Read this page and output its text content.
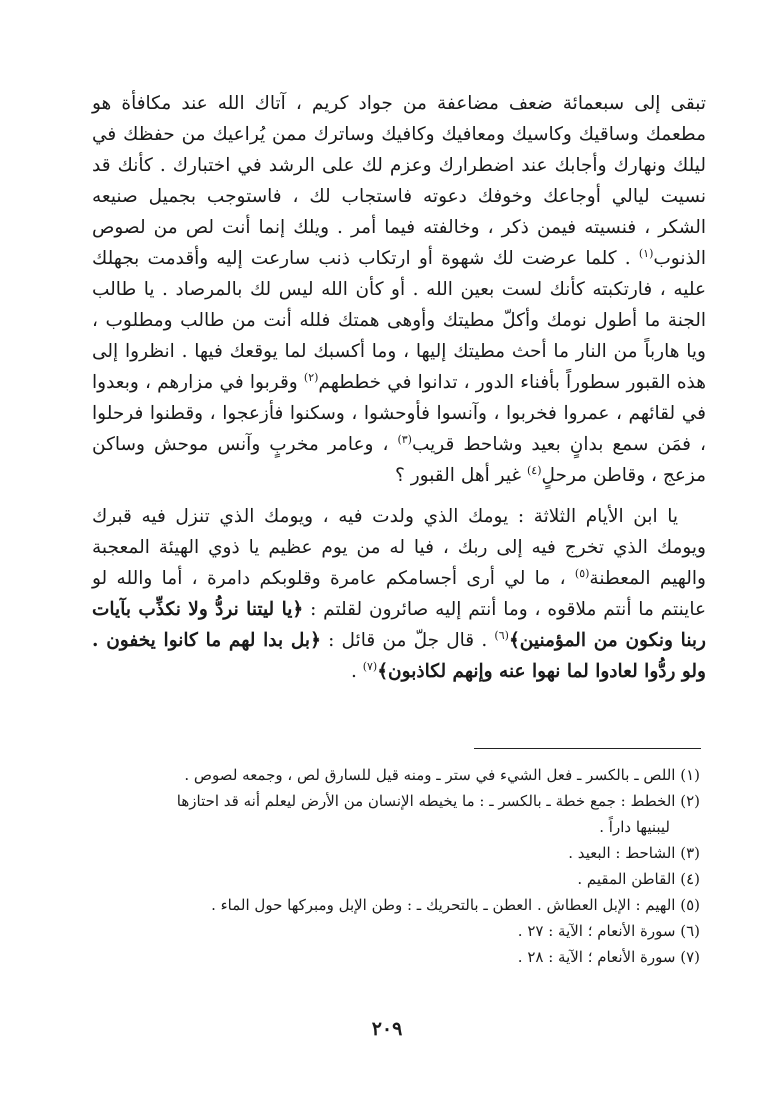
تبقى إلى سبعمائة ضعف مضاعفة من جواد كريم ، آتاك الله عند مكافأة هو مطعمك وساقيك وكاسيك ومعافيك وكافيك وساترك ممن يُراعيك من حفظك في ليلك ونهارك وأجابك عند اضطرارك وعزم لك على الرشد في اختبارك . كأنك قد نسيت ليالي أوجاعك وخوفك دعوته فاستجاب لك ، فاستوجب بجميل صنيعه الشكر ، فنسيته فيمن ذكر ، وخالفته فيما أمر . ويلك إنما أنت لص من لصوص الذنوب$^{(١)}$ . كلما عرضت لك شهوة أو ارتكاب ذنب سارعت إليه وأقدمت بجهلك عليه ، فارتكبته كأنك لست بعين الله . أو كأن الله ليس لك بالمرصاد . يا طالب الجنة ما أطول نومك وأكلّ مطيتك وأوهى همتك فلله أنت من طالب ومطلوب ، ويا هارباً من النار ما أحث مطيتك إليها ، وما أكسبك لما يوقعك فيها . انظروا إلى هذه القبور سطوراً بأفناء الدور ، تدانوا في خططهم$^{(٢)}$ وقربوا في مزارهم ، وبعدوا في لقائهم ، عمروا فخربوا ، وآنسوا فأوحشوا ، وسكنوا فأزعجوا ، وقطنوا فرحلوا ، فمَن سمع بدانٍ بعيد وشاحط قريب$^{(٣)}$ ، وعامر مخربٍ وآنس موحش وساكن مزعج ، وقاطن مرحلٍ$^{(٤)}$ غير أهل القبور ؟

يا ابن الأيام الثلاثة : يومك الذي ولدت فيه ، ويومك الذي تنزل فيه قبرك ويومك الذي تخرج فيه إلى ربك ، فيا له من يوم عظيم يا ذوي الهيئة المعجبة والهيم المعطنة$^{(٥)}$ ، ما لي أرى أجسامكم عامرة وقلوبكم دامرة ، أما والله لو عاينتم ما أنتم ملاقوه ، وما أنتم إليه صائرون لقلتم : ﴿يا ليتنا نردُّ ولا نكذِّب بآيات ربنا ونكون من المؤمنين﴾$^{(٦)}$ . قال جلّ من قائل : ﴿بل بدا لهم ما كانوا يخفون . ولو ردُّوا لعادوا لما نهوا عنه وإنهم لكاذبون﴾$^{(٧)}$ .

(١) اللص ـ بالكسر ـ فعل الشيء في ستر ـ ومنه قيل للسارق لص ، وجمعه لصوص .
(٢) الخطط : جمع خطة ـ بالكسر ـ : ما يخيطه الإنسان من الأرض ليعلم أنه قد احتازها
ليبنيها داراً .
(٣) الشاحط : البعيد .
(٤) القاطن المقيم .
(٥) الهيم : الإبل العطاش . العطن ـ بالتحريك ـ : وطن الإبل ومبركها حول الماء .
(٦) سورة الأنعام ؛ الآية : ٢٧ .
(٧) سورة الأنعام ؛ الآية : ٢٨ .
٢٠٩
